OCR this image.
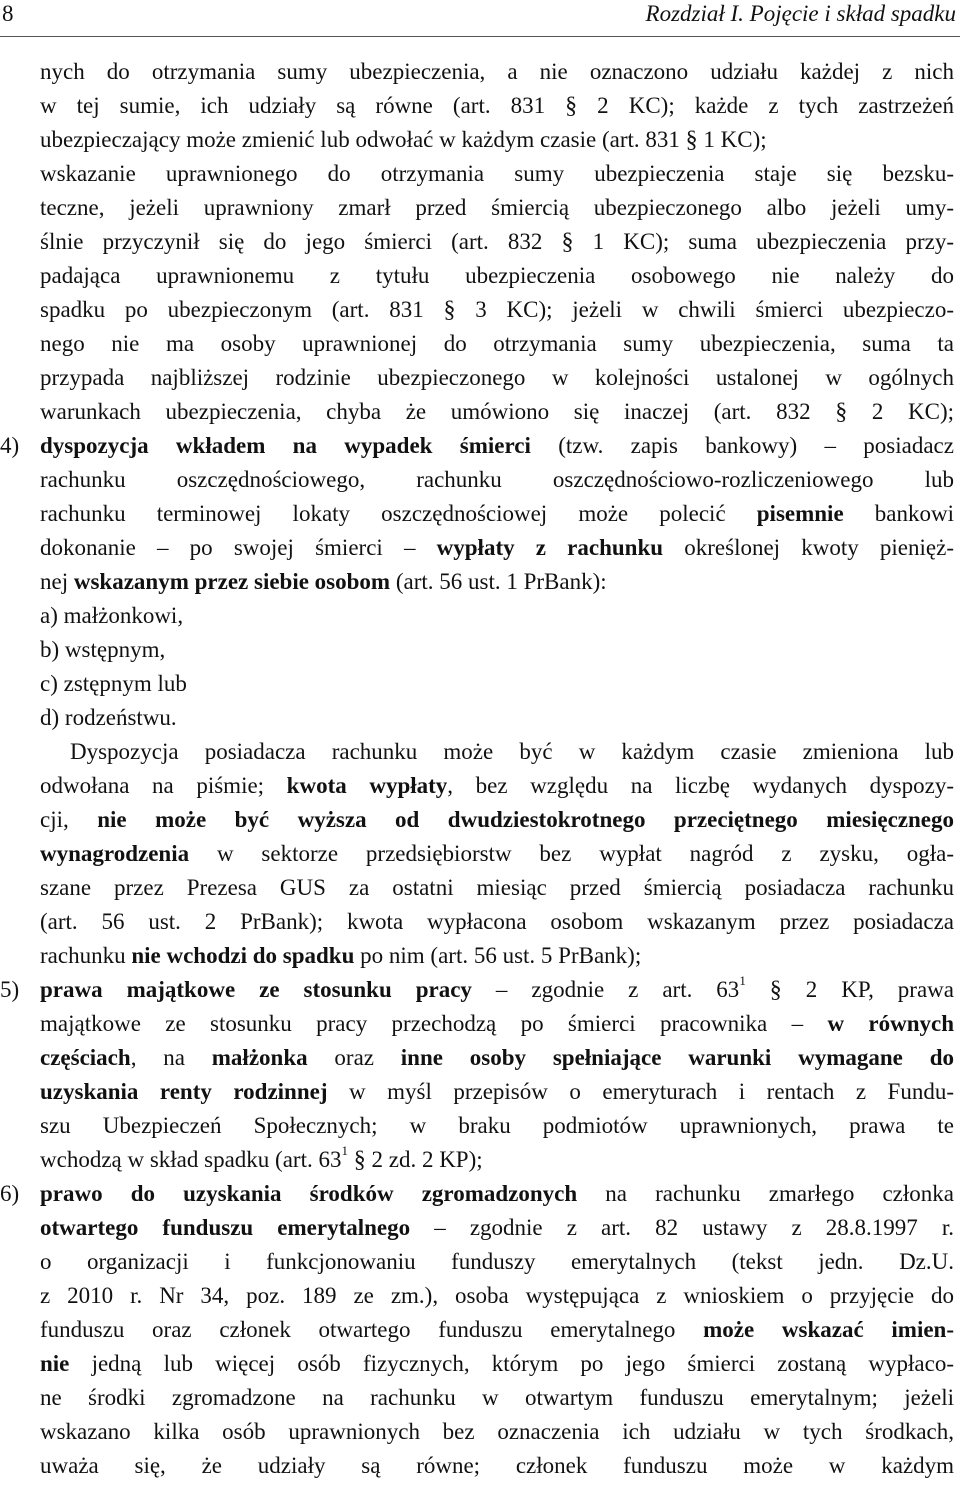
8	Rozdział I. Pojęcie i skład spadku
nych do otrzymania sumy ubezpieczenia, a nie oznaczono udziału każdej z nich
w tej sumie, ich udziały są równe (art. 831 § 2 KC); każde z tych zastrzeżeń
ubezpieczający może zmienić lub odwołać w każdym czasie (art. 831 § 1 KC);
wskazanie uprawnionego do otrzymania sumy ubezpieczenia staje się bezsku-
teczne, jeżeli uprawniony zmarł przed śmiercią ubezpieczonego albo jeżeli umy-
ślnie przyczynił się do jego śmierci (art. 832 § 1 KC); suma ubezpieczenia przy-
padająca uprawnionemu z tytułu ubezpieczenia osobowego nie należy do
spadku po ubezpieczonym (art. 831 § 3 KC); jeżeli w chwili śmierci ubezpieczo-
nego nie ma osoby uprawnionej do otrzymania sumy ubezpieczenia, suma ta
przypada najbliższej rodzinie ubezpieczonego w kolejności ustalonej w ogólnych
warunkach ubezpieczenia, chyba że umówiono się inaczej (art. 832 § 2 KC);
4) dyspozycja wkładem na wypadek śmierci (tzw. zapis bankowy) – posiadacz
rachunku oszczędnościowego, rachunku oszczędnościowo-rozliczeniowego lub
rachunku terminowej lokaty oszczędnościowej może polecić pisemnie bankowi
dokonanie – po swojej śmierci – wypłaty z rachunku określonej kwoty pienięż-
nej wskazanym przez siebie osobom (art. 56 ust. 1 PrBank):
a) małżonkowi,
b) wstępnym,
c) zstępnym lub
d) rodzeństwu.
Dyspozycja posiadacza rachunku może być w każdym czasie zmieniona lub
odwołana na piśmie; kwota wypłaty, bez względu na liczbę wydanych dyspozy-
cji, nie może być wyższa od dwudziestokrotnego przeciętnego miesięcznego
wynagrodzenia w sektorze przedsiębiorstw bez wypłat nagród z zysku, ogła-
szane przez Prezesa GUS za ostatni miesiąc przed śmiercią posiadacza rachunku
(art. 56 ust. 2 PrBank); kwota wypłacona osobom wskazanym przez posiadacza
rachunku nie wchodzi do spadku po nim (art. 56 ust. 5 PrBank);
5) prawa majątkowe ze stosunku pracy – zgodnie z art. $63^1$ § 2 KP, prawa
majątkowe ze stosunku pracy przechodzą po śmierci pracownika – w równych
częściach, na małżonka oraz inne osoby spełniające warunki wymagane do
uzyskania renty rodzinnej w myśl przepisów o emeryturach i rentach z Fundu-
szu Ubezpieczeń Społecznych; w braku podmiotów uprawnionych, prawa te
wchodzą w skład spadku (art. $63^1$ § 2 zd. 2 KP);
6) prawo do uzyskania środków zgromadzonych na rachunku zmarłego członka
otwartego funduszu emerytalnego – zgodnie z art. 82 ustawy z 28.8.1997 r.
o organizacji i funkcjonowaniu funduszy emerytalnych (tekst jedn. Dz.U.
z 2010 r. Nr 34, poz. 189 ze zm.), osoba występująca z wnioskiem o przyjęcie do
funduszu oraz członek otwartego funduszu emerytalnego może wskazać imien-
nie jedną lub więcej osób fizycznych, którym po jego śmierci zostaną wypłaco-
ne środki zgromadzone na rachunku w otwartym funduszu emerytalnym; jeżeli
wskazano kilka osób uprawnionych bez oznaczenia ich udziału w tych środkach,
uważa się, że udziały są równe; członek funduszu może w każdym
